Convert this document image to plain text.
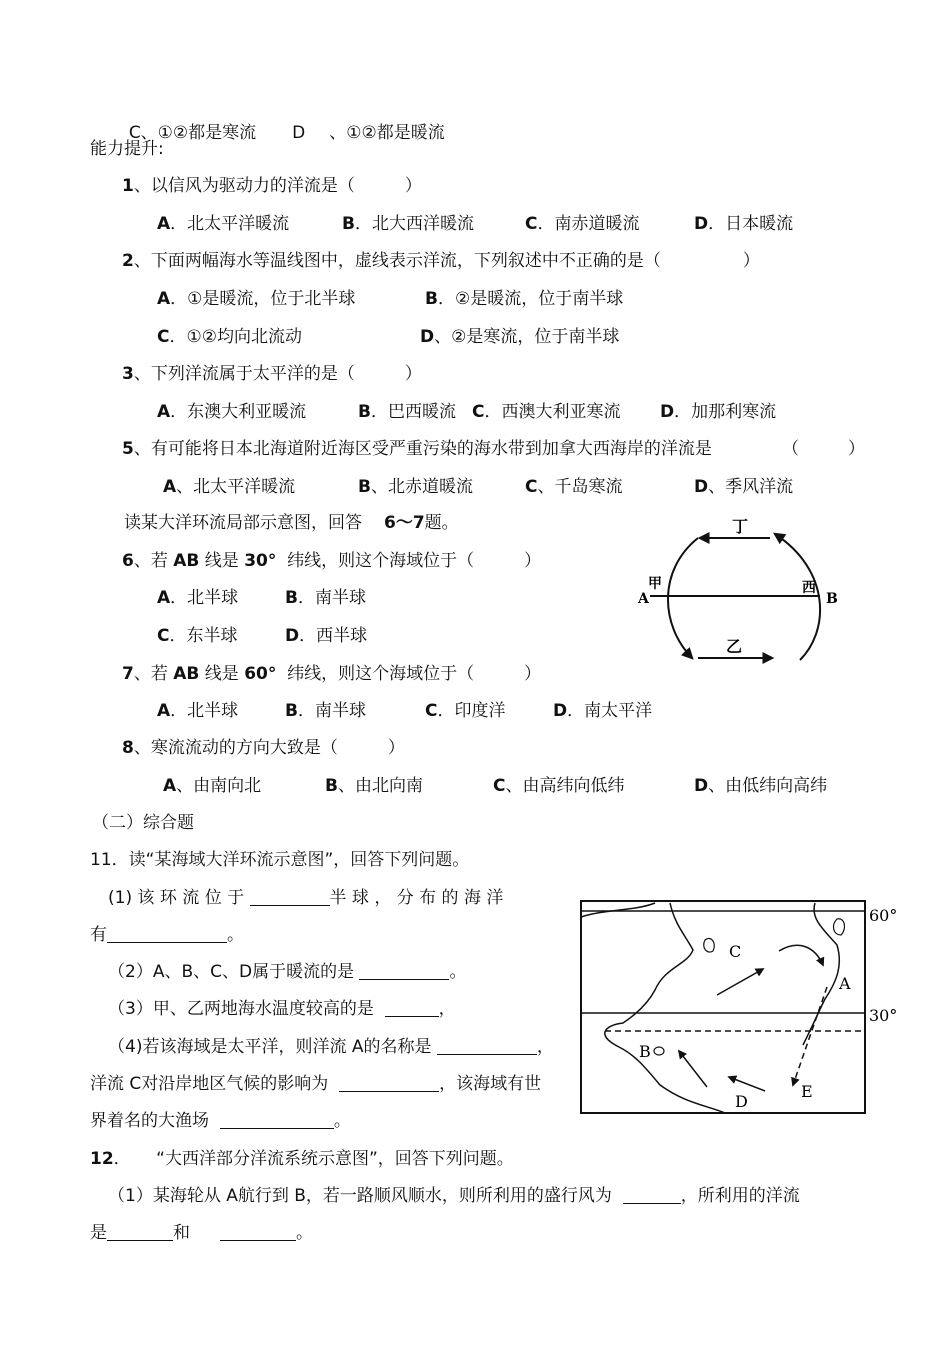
C、①②都是寒流 D 、①②都是暖流

能力提升:
1、以信风为驱动力的洋流是（	）
A．北太平洋暖流	B．北大西洋暖流	C．南赤道暖流	D．日本暖流
2、下面两幅海水等温线图中，虚线表示洋流，下列叙述中不正确的是（	）
A．①是暖流，位于北半球	B．②是暖流，位于南半球
C．①②均向北流动	D、②是寒流，位于南半球
3、下列洋流属于太平洋的是（	）
A．东澳大利亚暖流	B．巴西暖流 C．西澳大利亚寒流 D．加那利寒流
5、有可能将日本北海道附近海区受严重污染的海水带到加拿大西海岸的洋流是	（	）
A、北太平洋暖流	B、北赤道暖流	C、千岛寒流	D、季风洋流
读某大洋环流局部示意图，回答 6～7题。
6、若 AB 线是 30° 纬线，则这个海域位于（	）
A．北半球	B．南半球
C．东半球	D．西半球
7、若 AB 线是 60° 纬线，则这个海域位于（	）
A．北半球	B．南半球	C．印度洋	D．南太平洋
8、寒流流动的方向大致是（	）
A、由南向北	B、由北向南	C、由高纬向低纬	D、由低纬向高纬
（二）综合题
11．读“某海域大洋环流示意图”，回答下列问题。
(1) 该 环 流 位 于	半 球 ， 分 布 的 海 洋
有	。
（2）A、B、C、D属于暖流的是	。
（3）甲、乙两地海水温度较高的是	，
（4)若该海域是太平洋，则洋流 A的名称是	，
洋流 C对沿岸地区气候的影响为	，该海域有世
界着名的大渔场	。
12．　　“大西洋部分洋流系统示意图”，回答下列问题。
（1）某海轮从 A航行到 B，若一路顺风顺水，则所利用的盛行风为	，所利用的洋流
是	和	。
丁
乙
A
甲	西
B
60°
30°
A
B
C
D
E
